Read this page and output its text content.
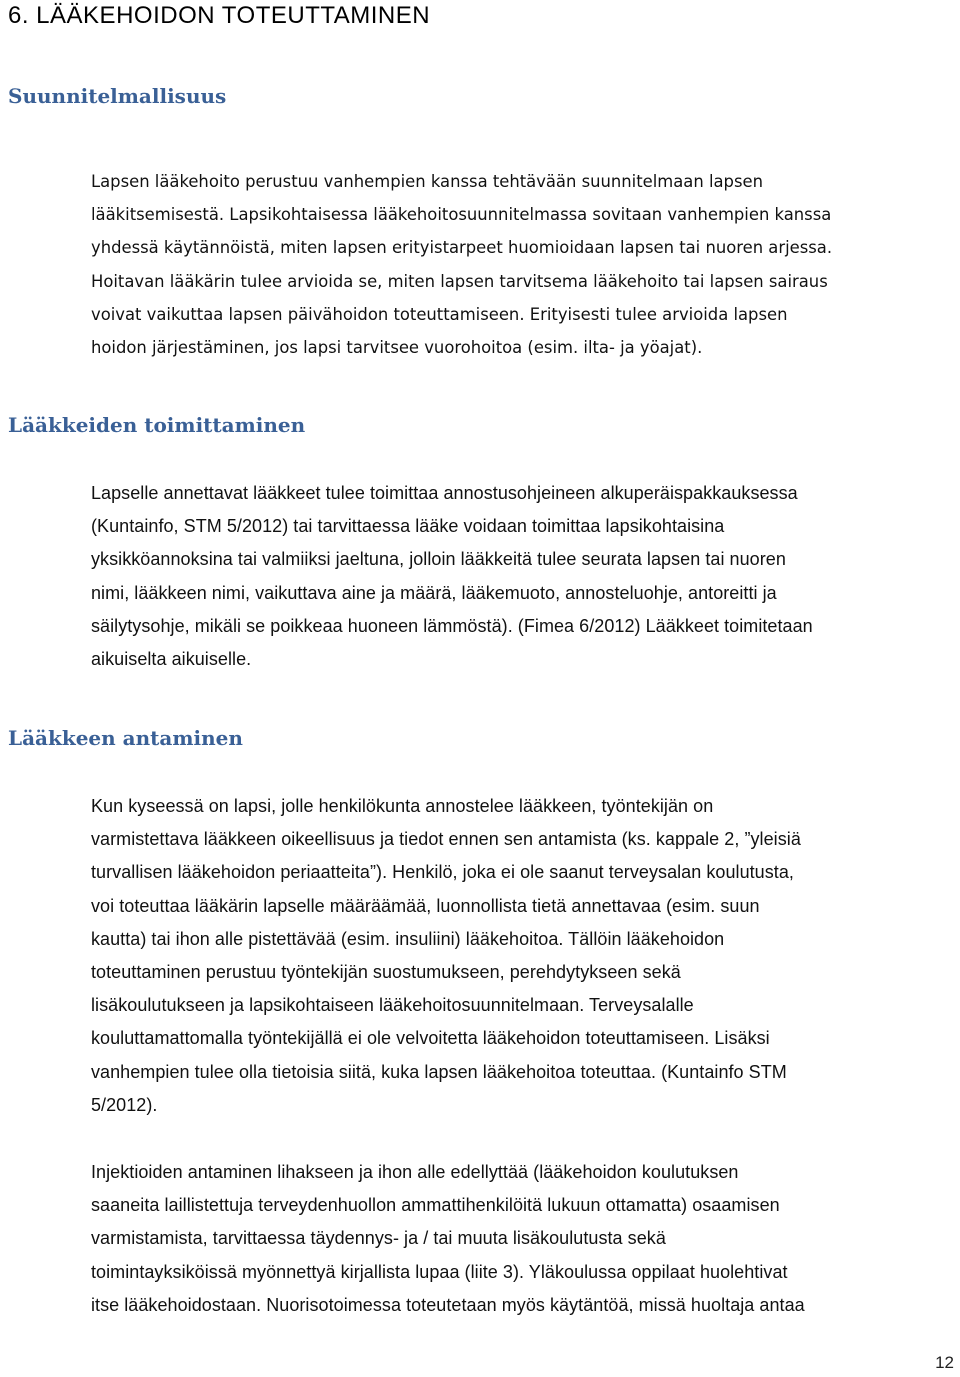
6. LÄÄKEHOIDON TOTEUTTAMINEN
Suunnitelmallisuus
Lapsen lääkehoito perustuu vanhempien kanssa tehtävään suunnitelmaan lapsen
lääkitsemisestä. Lapsikohtaisessa lääkehoitosuunnitelmassa sovitaan vanhempien kanssa
yhdessä käytännöistä, miten lapsen erityistarpeet huomioidaan lapsen tai nuoren arjessa.
Hoitavan lääkärin tulee arvioida se, miten lapsen tarvitsema lääkehoito tai lapsen sairaus
voivat vaikuttaa lapsen päivähoidon toteuttamiseen. Erityisesti tulee arvioida lapsen
hoidon järjestäminen, jos lapsi tarvitsee vuorohoitoa (esim. ilta- ja yöajat).
Lääkkeiden toimittaminen
Lapselle annettavat lääkkeet tulee toimittaa annostusohjeineen alkuperäispakkauksessa
(Kuntainfo, STM 5/2012) tai tarvittaessa lääke voidaan toimittaa lapsikohtaisina
yksikköannoksina tai valmiiksi jaeltuna, jolloin lääkkeitä tulee seurata lapsen tai nuoren
nimi, lääkkeen nimi, vaikuttava aine ja määrä, lääkemuoto, annosteluohje, antoreitti ja
säilytysohje, mikäli se poikkeaa huoneen lämmöstä). (Fimea 6/2012) Lääkkeet toimitetaan
aikuiselta aikuiselle.
Lääkkeen antaminen
Kun kyseessä on lapsi, jolle henkilökunta annostelee lääkkeen, työntekijän on
varmistettava lääkkeen oikeellisuus ja tiedot ennen sen antamista (ks. kappale 2, ”yleisiä
turvallisen lääkehoidon periaatteita”). Henkilö, joka ei ole saanut terveysalan koulutusta,
voi toteuttaa lääkärin lapselle määräämää, luonnollista tietä annettavaa (esim. suun
kautta) tai ihon alle pistettävää (esim. insuliini) lääkehoitoa. Tällöin lääkehoidon
toteuttaminen perustuu työntekijän suostumukseen, perehdytykseen sekä
lisäkoulutukseen ja lapsikohtaiseen lääkehoitosuunnitelmaan. Terveysalalle
kouluttamattomalla työntekijällä ei ole velvoitetta lääkehoidon toteuttamiseen. Lisäksi
vanhempien tulee olla tietoisia siitä, kuka lapsen lääkehoitoa toteuttaa. (Kuntainfo STM
5/2012).
Injektioiden antaminen lihakseen ja ihon alle edellyttää (lääkehoidon koulutuksen
saaneita laillistettuja terveydenhuollon ammattihenkilöitä lukuun ottamatta) osaamisen
varmistamista, tarvittaessa täydennys- ja / tai muuta lisäkoulutusta sekä
toimintayksiköissä myönnettyä kirjallista lupaa (liite 3). Yläkoulussa oppilaat huolehtivat
itse lääkehoidostaan. Nuorisotoimessa toteutetaan myös käytäntöä, missä huoltaja antaa

12
